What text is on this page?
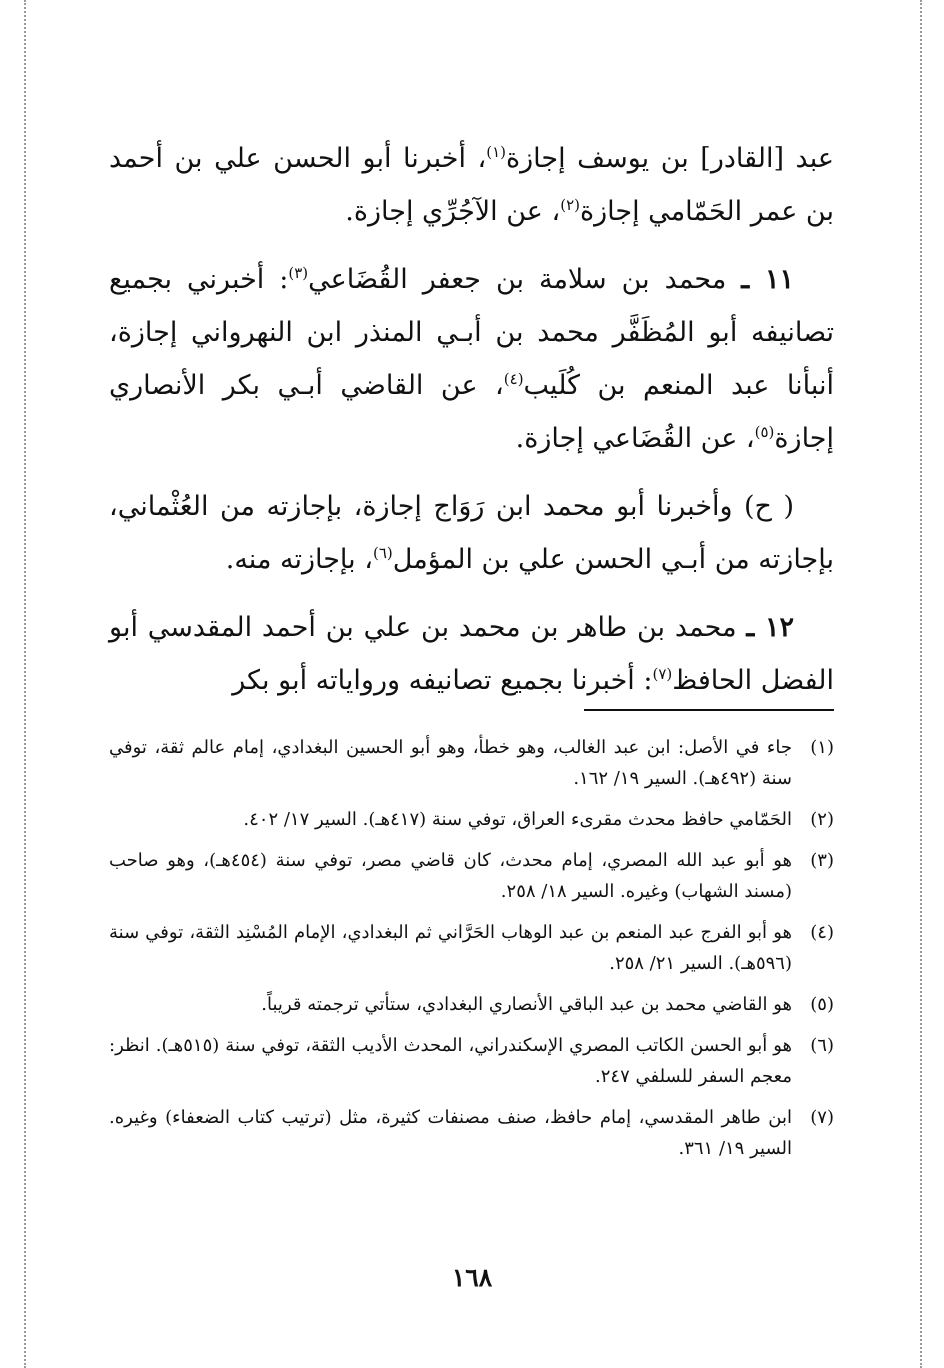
عبد [القادر] بن يوسف إجازة$^{(١)}$، أخبرنا أبو الحسن علي بن أحمد بن عمر الحَمّامي إجازة$^{(٢)}$، عن الآجُرِّي إجازة.

١١ ـ محمد بن سلامة بن جعفر القُضَاعي$^{(٣)}$: أخبرني بجميع تصانيفه أبو المُظَفَّر محمد بن أبـي المنذر ابن النهرواني إجازة، أنبأنا عبد المنعم بن كُلَيب$^{(٤)}$، عن القاضي أبـي بكر الأنصاري إجازة$^{(٥)}$، عن القُضَاعي إجازة.

( ح) وأخبرنا أبو محمد ابن رَوَاج إجازة، بإجازته من العُثْماني، بإجازته من أبـي الحسن علي بن المؤمل$^{(٦)}$، بإجازته منه.

١٢ ـ محمد بن طاهر بن محمد بن علي بن أحمد المقدسي أبو الفضل الحافظ$^{(٧)}$: أخبرنا بجميع تصانيفه ورواياته أبو بكر

(١)
جاء في الأصل: ابن عبد الغالب، وهو خطأ، وهو أبو الحسين البغدادي، إمام عالم ثقة، توفي سنة (٤٩٢هـ). السير ١٩/ ١٦٢.
(٢)
الحَمّامي حافظ محدث مقرىء العراق، توفي سنة (٤١٧هـ). السير ١٧/ ٤٠٢.
(٣)
هو أبو عبد الله المصري، إمام محدث، كان قاضي مصر، توفي سنة (٤٥٤هـ)، وهو صاحب (مسند الشهاب) وغيره. السير ١٨/ ٢٥٨.
(٤)
هو أبو الفرج عبد المنعم بن عبد الوهاب الحَرَّاني ثم البغدادي، الإمام المُسْنِد الثقة، توفي سنة (٥٩٦هـ). السير ٢١/ ٢٥٨.
(٥)
هو القاضي محمد بن عبد الباقي الأنصاري البغدادي، ستأتي ترجمته قريباً.
(٦)
هو أبو الحسن الكاتب المصري الإسكندراني، المحدث الأديب الثقة، توفي سنة (٥١٥هـ). انظر: معجم السفر للسلفي ٢٤٧.
(٧)
ابن طاهر المقدسي، إمام حافظ، صنف مصنفات كثيرة، مثل (ترتيب كتاب الضعفاء) وغيره. السير ١٩/ ٣٦١.
١٦٨
